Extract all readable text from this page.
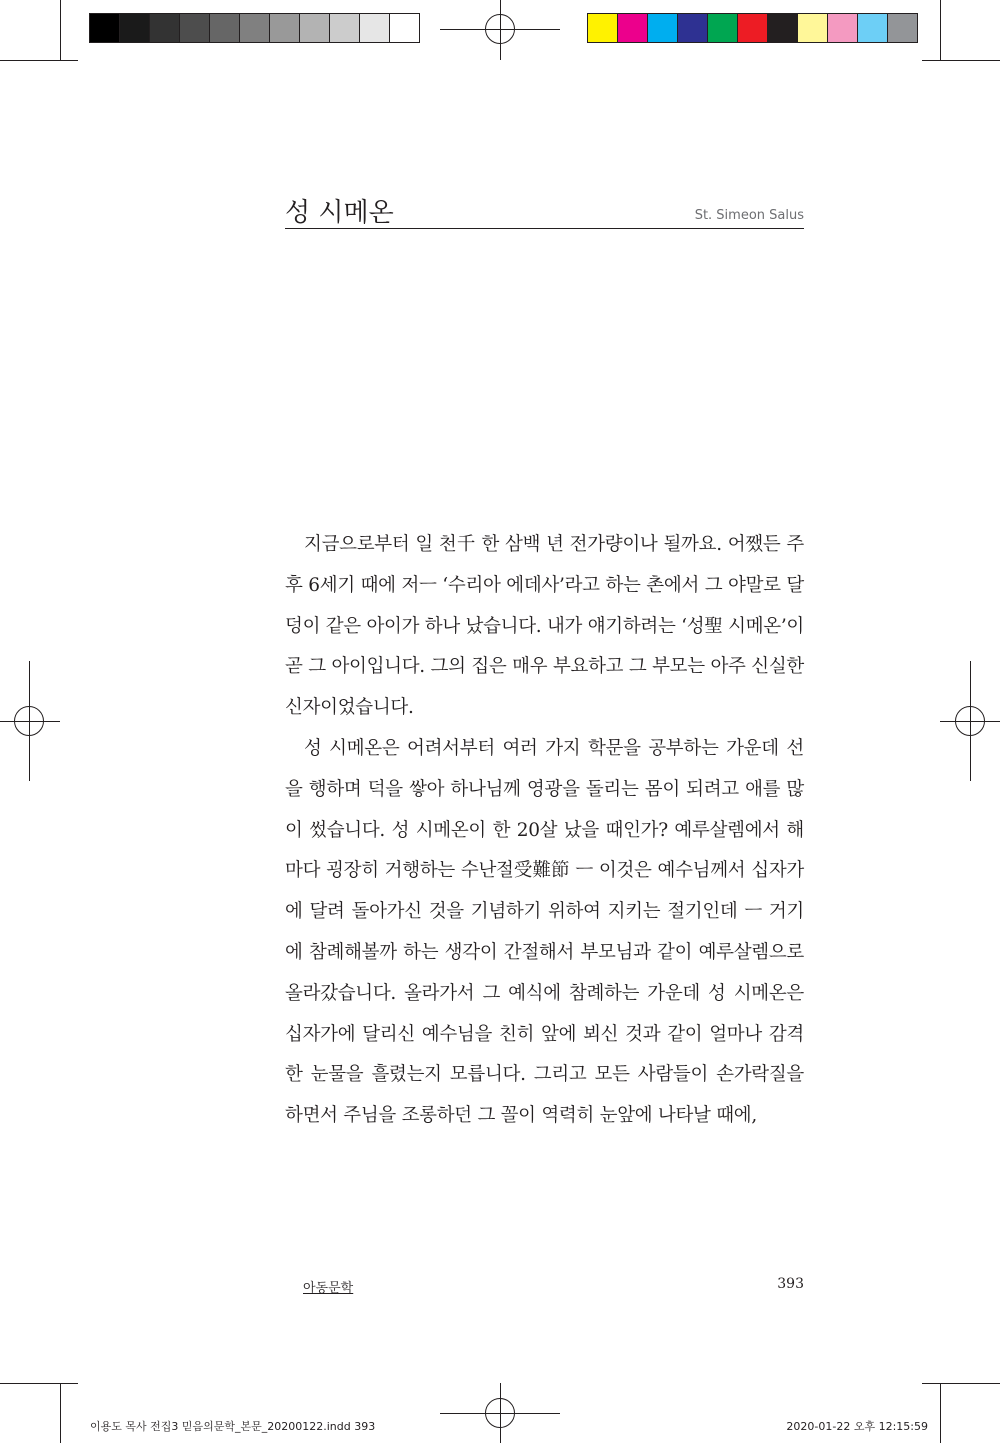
성 시메온	St. Simeon Salus

지금으로부터 일 천千 한 삼백 년 전가량이나 될까요. 어쨌든 주후 6세기 때에 저ㅡ ‘수리아 에데사’라고 하는 촌에서 그 야말로 달덩이 같은 아이가 하나 났습니다. 내가 얘기하려는 ‘성聖 시메온’이 곧 그 아이입니다. 그의 집은 매우 부요하고 그 부모는 아주 신실한 신자이었습니다.

성 시메온은 어려서부터 여러 가지 학문을 공부하는 가운데 선을 행하며 덕을 쌓아 하나님께 영광을 돌리는 몸이 되려고 애를 많이 썼습니다. 성 시메온이 한 20살 났을 때인가? 예루살렘에서 해마다 굉장히 거행하는 수난절受難節 ㅡ 이것은 예수님께서 십자가에 달려 돌아가신 것을 기념하기 위하여 지키는 절기인데 ㅡ 거기에 참례해볼까 하는 생각이 간절해서 부모님과 같이 예루살렘으로 올라갔습니다. 올라가서 그 예식에 참례하는 가운데 성 시메온은 십자가에 달리신 예수님을 친히 앞에 뵈신 것과 같이 얼마나 감격한 눈물을 흘렸는지 모릅니다. 그리고 모든 사람들이 손가락질을 하면서 주님을 조롱하던 그 꼴이 역력히 눈앞에 나타날 때에,

아동문학	393
이용도 목사 전집3 믿음의문학_본문_20200122.indd 393	2020-01-22 오후 12:15:59
